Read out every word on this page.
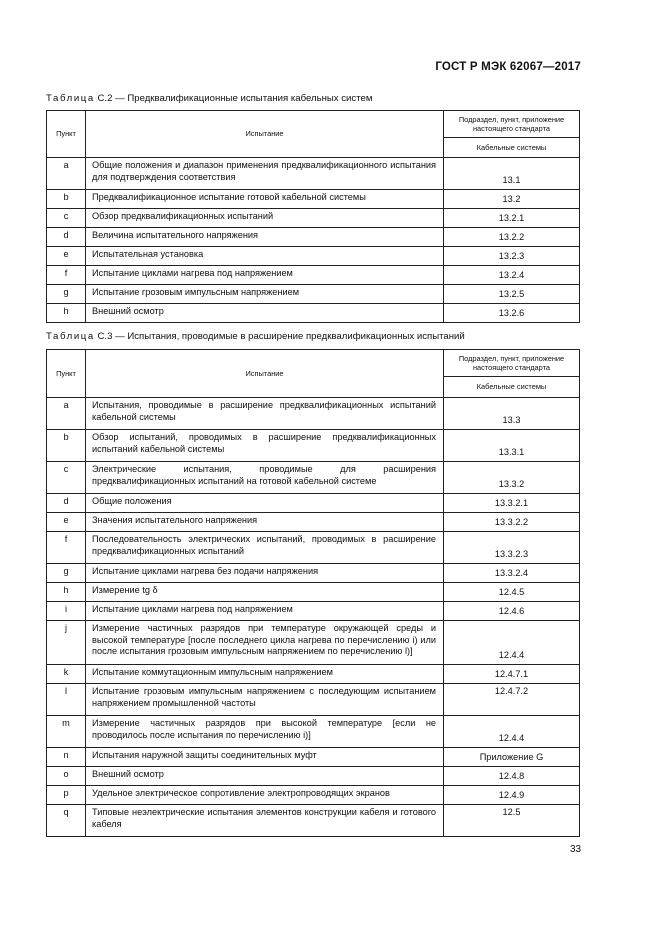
ГОСТ Р МЭК 62067—2017
Таблица С.2 — Предквалификационные испытания кабельных систем
Пункт	Испытание	Подраздел, пункт, приложение настоящего стандарта
		Кабельные системы
a	Общие положения и диапазон применения предквалификационного испытания для подтверждения соответствия	13.1
b	Предквалификационное испытание готовой кабельной системы	13.2
c	Обзор предквалификационных испытаний	13.2.1
d	Величина испытательного напряжения	13.2.2
e	Испытательная установка	13.2.3
f	Испытание циклами нагрева под напряжением	13.2.4
g	Испытание грозовым импульсным напряжением	13.2.5
h	Внешний осмотр	13.2.6
Таблица С.3 — Испытания, проводимые в расширение предквалификационных испытаний
Пункт	Испытание	Подраздел, пункт, приложение настоящего стандарта
		Кабельные системы
a	Испытания, проводимые в расширение предквалификационных испытаний кабельной системы	13.3
b	Обзор испытаний, проводимых в расширение предквалификационных испытаний кабельной системы	13.3.1
c	Электрические испытания, проводимые для расширения предквалификационных испытаний на готовой кабельной системе	13.3.2
d	Общие положения	13.3.2.1
e	Значения испытательного напряжения	13.3.2.2
f	Последовательность электрических испытаний, проводимых в расширение предквалификационных испытаний	13.3.2.3
g	Испытание циклами нагрева без подачи напряжения	13.3.2.4
h	Измерение tg δ	12.4.5
i	Испытание циклами нагрева под напряжением	12.4.6
j	Измерение частичных разрядов при температуре окружающей среды и высокой температуре [после последнего цикла нагрева по перечислению i) или после испытания грозовым импульсным напряжением по перечислению l)]	12.4.4
k	Испытание коммутационным импульсным напряжением	12.4.7.1
l	Испытание грозовым импульсным напряжением с последующим испытанием напряжением промышленной частоты	12.4.7.2
m	Измерение частичных разрядов при высокой температуре [если не проводилось после испытания по перечислению i)]	12.4.4
n	Испытания наружной защиты соединительных муфт	Приложение G
o	Внешний осмотр	12.4.8
p	Удельное электрическое сопротивление электропроводящих экранов	12.4.9
q	Типовые неэлектрические испытания элементов конструкции кабеля и готового кабеля	12.5
33
